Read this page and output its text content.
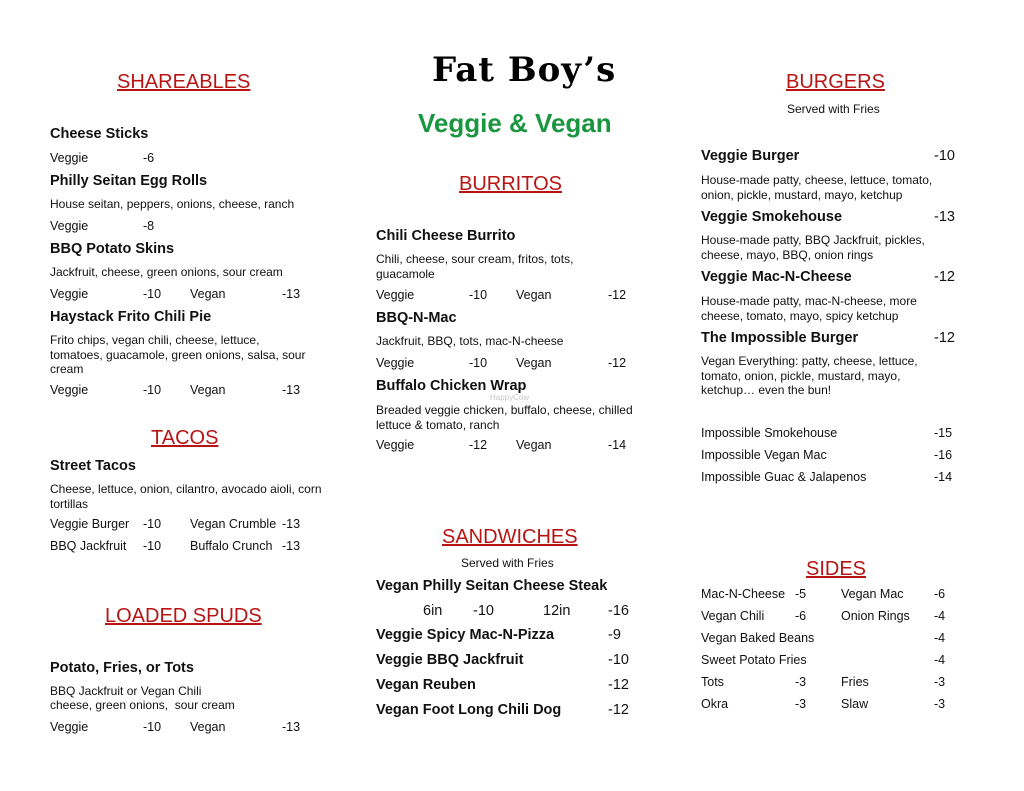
Fat Boy’s
Veggie & Vegan
SHAREABLES
Cheese Sticks
Veggie	-6
Philly Seitan Egg Rolls
House seitan, peppers, onions, cheese, ranch
Veggie	-8
BBQ Potato Skins
Jackfruit, cheese, green onions, sour cream
Veggie	-10 Vegan	-13
Haystack Frito Chili Pie
Frito chips, vegan chili, cheese, lettuce, tomatoes, guacamole, green onions, salsa, sour cream
Veggie	-10 Vegan	-13
TACOS
Street Tacos
Cheese, lettuce, onion, cilantro, avocado aioli, corn tortillas
Veggie Burger -10 Vegan Crumble -13
BBQ Jackfruit -10 Buffalo Crunch -13
LOADED SPUDS
Potato, Fries, or Tots
BBQ Jackfruit or Vegan Chili
cheese, green onions,  sour cream
Veggie	-10 Vegan	-13
BURRITOS
Chili Cheese Burrito
Chili, cheese, sour cream, fritos, tots, guacamole
Veggie	-10 Vegan	-12
BBQ-N-Mac
Jackfruit, BBQ, tots, mac-N-cheese
Veggie	-10 Vegan	-12
Buffalo Chicken Wrap
HappyCow
Breaded veggie chicken, buffalo, cheese, chilled lettuce & tomato, ranch
Veggie	-12 Vegan	-14
SANDWICHES
Served with Fries
Vegan Philly Seitan Cheese Steak
6in -10	12in	-16
Veggie Spicy Mac-N-Pizza	-9
Veggie BBQ Jackfruit	-10
Vegan Reuben	-12
Vegan Foot Long Chili Dog	-12
BURGERS
Served with Fries
Veggie Burger	-10
House-made patty, cheese, lettuce, tomato, onion, pickle, mustard, mayo, ketchup
Veggie Smokehouse	-13
House-made patty, BBQ Jackfruit, pickles, cheese, mayo, BBQ, onion rings
Veggie Mac-N-Cheese	-12
House-made patty, mac-N-cheese, more cheese, tomato, mayo, spicy ketchup
The Impossible Burger	-12
Vegan Everything: patty, cheese, lettuce, tomato, onion, pickle, mustard, mayo, ketchup… even the bun!
Impossible Smokehouse	-15
Impossible Vegan Mac	-16
Impossible Guac & Jalapenos	-14
SIDES
Mac-N-Cheese -5	Vegan Mac -6
Vegan Chili -6	Onion Rings -4
Vegan Baked Beans	-4
Sweet Potato Fries	-4
Tots	-3	Fries	-3
Okra	-3	Slaw	-3
